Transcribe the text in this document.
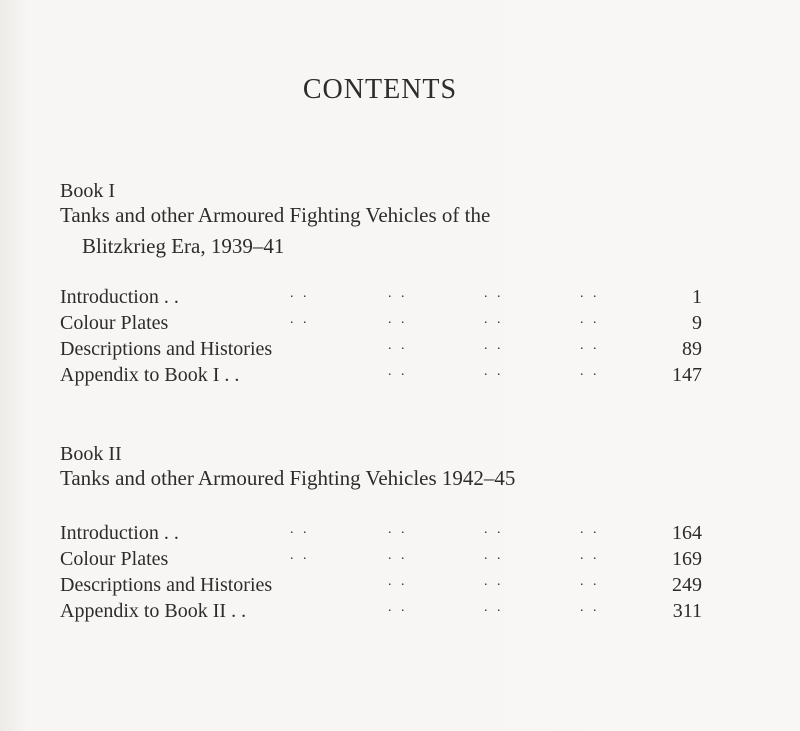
CONTENTS
Book I
Tanks and other Armoured Fighting Vehicles of the
Blitzkrieg Era, 1939–41
Introduction . .	. .	. .	. .	. .	1
Colour Plates	. .	. .	. .	. .	9
Descriptions and Histories	. .	. .	. .	89
Appendix to Book I . .	. .	. .	. .	147
Book II
Tanks and other Armoured Fighting Vehicles 1942–45
Introduction . .	. .	. .	. .	. .	164
Colour Plates	. .	. .	. .	. .	169
Descriptions and Histories	. .	. .	. .	249
Appendix to Book II . .	. .	. .	. .	311
